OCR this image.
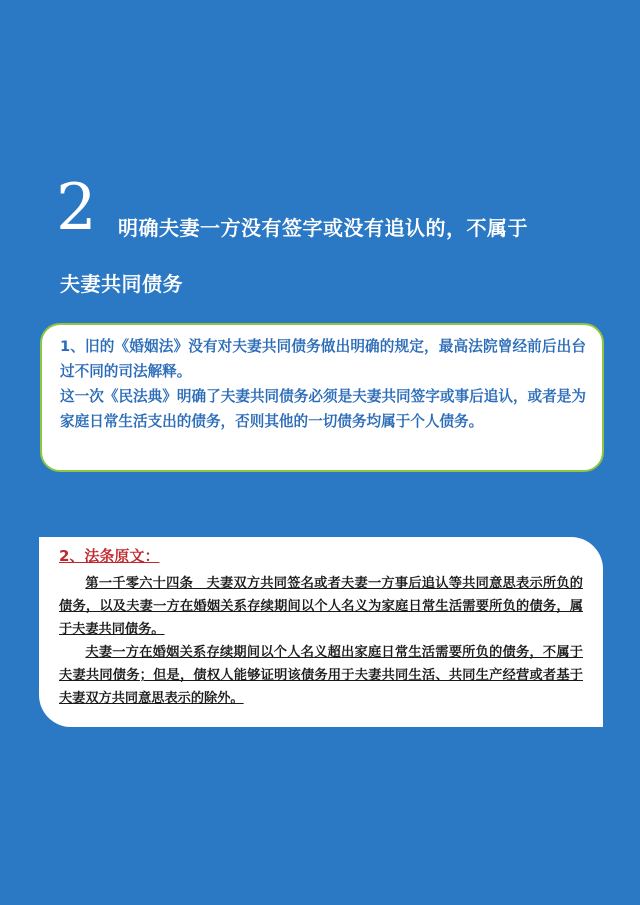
2 明确夫妻一方没有签字或没有追认的，不属于
夫妻共同债务

1、旧的《婚姻法》没有对夫妻共同债务做出明确的规定，最高法院曾经前后出台过不同的司法解释。

这一次《民法典》明确了夫妻共同债务必须是夫妻共同签字或事后追认，或者是为家庭日常生活支出的债务，否则其他的一切债务均属于个人债务。

2、法条原文：

第一千零六十四条　夫妻双方共同签名或者夫妻一方事后追认等共同意思表示所负的债务，以及夫妻一方在婚姻关系存续期间以个人名义为家庭日常生活需要所负的债务，属于夫妻共同债务。

夫妻一方在婚姻关系存续期间以个人名义超出家庭日常生活需要所负的债务，不属于夫妻共同债务；但是，债权人能够证明该债务用于夫妻共同生活、共同生产经营或者基于夫妻双方共同意思表示的除外。
